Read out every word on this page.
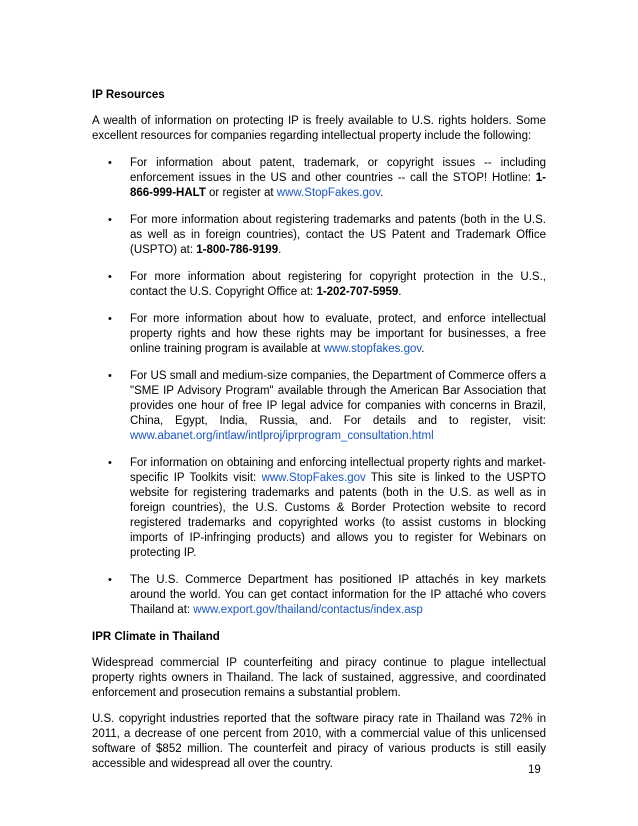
IP Resources

A wealth of information on protecting IP is freely available to U.S. rights holders. Some excellent resources for companies regarding intellectual property include the following:

• For information about patent, trademark, or copyright issues -- including enforcement issues in the US and other countries -- call the STOP! Hotline: 1-866-999-HALT or register at www.StopFakes.gov.
• For more information about registering trademarks and patents (both in the U.S. as well as in foreign countries), contact the US Patent and Trademark Office (USPTO) at: 1-800-786-9199.
• For more information about registering for copyright protection in the U.S., contact the U.S. Copyright Office at: 1-202-707-5959.
• For more information about how to evaluate, protect, and enforce intellectual property rights and how these rights may be important for businesses, a free online training program is available at www.stopfakes.gov.
• For US small and medium-size companies, the Department of Commerce offers a "SME IP Advisory Program" available through the American Bar Association that provides one hour of free IP legal advice for companies with concerns in Brazil, China, Egypt, India, Russia, and. For details and to register, visit: www.abanet.org/intlaw/intlproj/iprprogram_consultation.html
• For information on obtaining and enforcing intellectual property rights and market-specific IP Toolkits visit: www.StopFakes.gov This site is linked to the USPTO website for registering trademarks and patents (both in the U.S. as well as in foreign countries), the U.S. Customs & Border Protection website to record registered trademarks and copyrighted works (to assist customs in blocking imports of IP-infringing products) and allows you to register for Webinars on protecting IP.
• The U.S. Commerce Department has positioned IP attachés in key markets around the world. You can get contact information for the IP attaché who covers Thailand at: www.export.gov/thailand/contactus/index.asp

IPR Climate in Thailand

Widespread commercial IP counterfeiting and piracy continue to plague intellectual property rights owners in Thailand. The lack of sustained, aggressive, and coordinated enforcement and prosecution remains a substantial problem.

U.S. copyright industries reported that the software piracy rate in Thailand was 72% in 2011, a decrease of one percent from 2010, with a commercial value of this unlicensed software of $852 million. The counterfeit and piracy of various products is still easily accessible and widespread all over the country.	19
